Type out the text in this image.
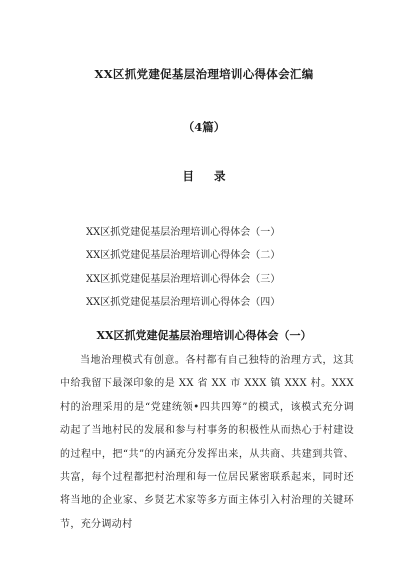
XX区抓党建促基层治理培训心得体会汇编
（4篇）
目 录
XX区抓党建促基层治理培训心得体会（一）
XX区抓党建促基层治理培训心得体会（二）
XX区抓党建促基层治理培训心得体会（三）
XX区抓党建促基层治理培训心得体会（四）
XX区抓党建促基层治理培训心得体会（一）

当地治理模式有创意。各村都有自己独特的治理方式，这其中给我留下最深印象的是 XX 省 XX 市 XXX 镇 XXX 村。XXX 村的治理采用的是“党建统领•四共四筹”的模式，该模式充分调动起了当地村民的发展和参与村事务的积极性从而热心于村建设的过程中，把“共”的内涵充分发挥出来，从共商、共建到共管、共富，每个过程都把村治理和每一位居民紧密联系起来，同时还将当地的企业家、乡贤艺术家等多方面主体引入村治理的关键环节，充分调动村
